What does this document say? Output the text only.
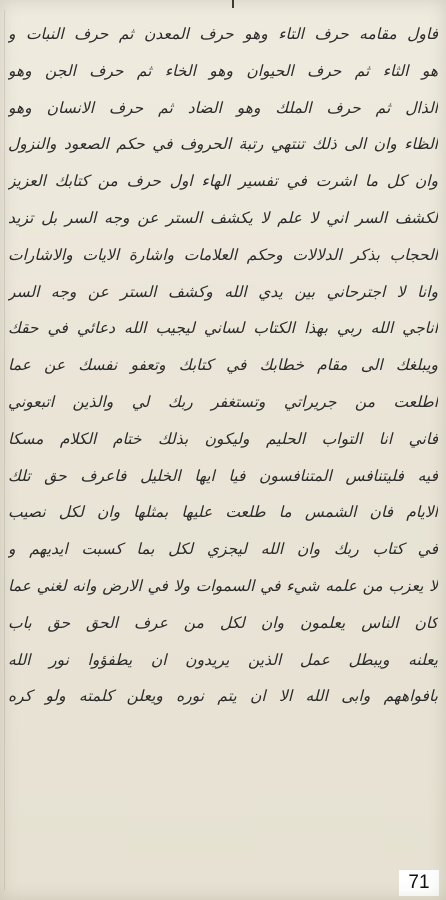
فاول مقامه حرف التاء وهو حرف المعدن ثم حرف النبات و
هو الثاء ثم حرف الحيوان وهو الخاء ثم حرف الجن وهو
الذال ثم حرف الملك وهو الضاد ثم حرف الانسان وهو
الظاء وان الى ذلك تنتهي رتبة الحروف في حكم الصعود والنزول
وان كل ما اشرت في تفسير الهاء اول حرف من كتابك العزيز
لكشف السر اني لا علم لا يكشف الستر عن وجه السر بل تزيد
الحجاب بذكر الدلالات وحكم العلامات واشارة الايات والاشارات
وانا لا اجترحاني بين يدي الله وكشف الستر عن وجه السر
اناجي الله ربي بهذا الكتاب لساني ليجيب الله دعائي في حقك
ويبلغك الى مقام خطابك في كتابك وتعفو نفسك عن عما
اطلعت من جريراتي وتستغفر ربك لي والذين اتبعوني
فاني انا التواب الحليم وليكون بذلك ختام الكلام مسكا
فيه فليتنافس المتنافسون فيا ايها الخليل فاعرف حق تلك
الايام فان الشمس ما طلعت عليها بمثلها وان لكل نصيب
في كتاب ربك وان الله ليجزي لكل بما كسبت ايديهم و
لا يعزب من علمه شيء في السموات ولا في الارض وانه لغني عما
كان الناس يعلمون وان لكل من عرف الحق حق باب
يعلنه ويبطل عمل الذين يريدون ان يطفؤوا نور الله
بافواههم وابى الله الا ان يتم نوره ويعلن كلمته ولو كره
71
